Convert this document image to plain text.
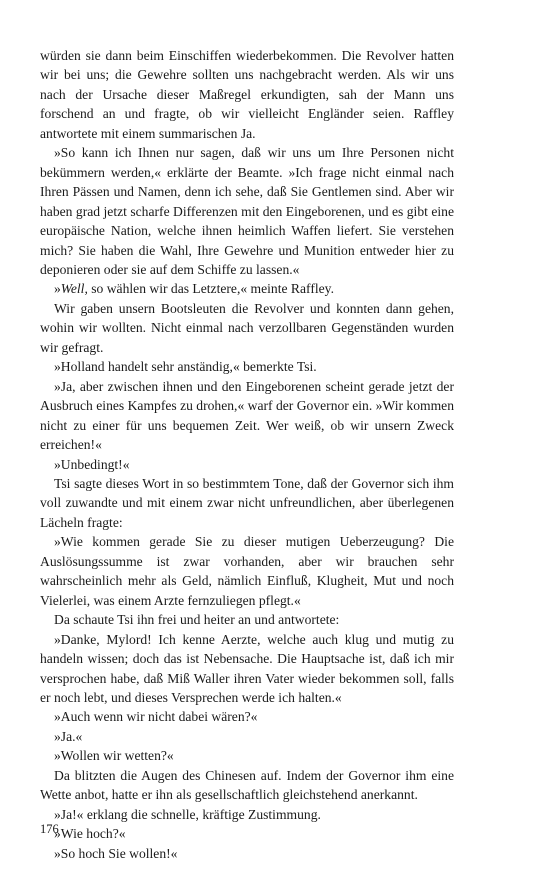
würden sie dann beim Einschiffen wiederbekommen. Die Revolver hatten wir bei uns; die Gewehre sollten uns nachgebracht werden. Als wir uns nach der Ursache dieser Maßregel erkundigten, sah der Mann uns forschend an und fragte, ob wir vielleicht Engländer seien. Raffley antwortete mit einem summarischen Ja.

»So kann ich Ihnen nur sagen, daß wir uns um Ihre Personen nicht bekümmern werden,« erklärte der Beamte. »Ich frage nicht einmal nach Ihren Pässen und Namen, denn ich sehe, daß Sie Gentlemen sind. Aber wir haben grad jetzt scharfe Differenzen mit den Eingeborenen, und es gibt eine europäische Nation, welche ihnen heimlich Waffen liefert. Sie verstehen mich? Sie haben die Wahl, Ihre Gewehre und Munition entweder hier zu deponieren oder sie auf dem Schiffe zu lassen.«

»Well, so wählen wir das Letztere,« meinte Raffley.

Wir gaben unsern Bootsleuten die Revolver und konnten dann gehen, wohin wir wollten. Nicht einmal nach verzollbaren Gegenständen wurden wir gefragt.

»Holland handelt sehr anständig,« bemerkte Tsi.

»Ja, aber zwischen ihnen und den Eingeborenen scheint gerade jetzt der Ausbruch eines Kampfes zu drohen,« warf der Governor ein. »Wir kommen nicht zu einer für uns bequemen Zeit. Wer weiß, ob wir unsern Zweck erreichen!«

»Unbedingt!«

Tsi sagte dieses Wort in so bestimmtem Tone, daß der Governor sich ihm voll zuwandte und mit einem zwar nicht unfreundlichen, aber überlegenen Lächeln fragte:

»Wie kommen gerade Sie zu dieser mutigen Ueberzeugung? Die Auslösungssumme ist zwar vorhanden, aber wir brauchen sehr wahrscheinlich mehr als Geld, nämlich Einfluß, Klugheit, Mut und noch Vielerlei, was einem Arzte fernzuliegen pflegt.«

Da schaute Tsi ihn frei und heiter an und antwortete:

»Danke, Mylord! Ich kenne Aerzte, welche auch klug und mutig zu handeln wissen; doch das ist Nebensache. Die Hauptsache ist, daß ich mir versprochen habe, daß Miß Waller ihren Vater wieder bekommen soll, falls er noch lebt, und dieses Versprechen werde ich halten.«

»Auch wenn wir nicht dabei wären?«

»Ja.«

»Wollen wir wetten?«

Da blitzten die Augen des Chinesen auf. Indem der Governor ihm eine Wette anbot, hatte er ihn als gesellschaftlich gleichstehend anerkannt.

»Ja!« erklang die schnelle, kräftige Zustimmung.

»Wie hoch?«

»So hoch Sie wollen!«

176
